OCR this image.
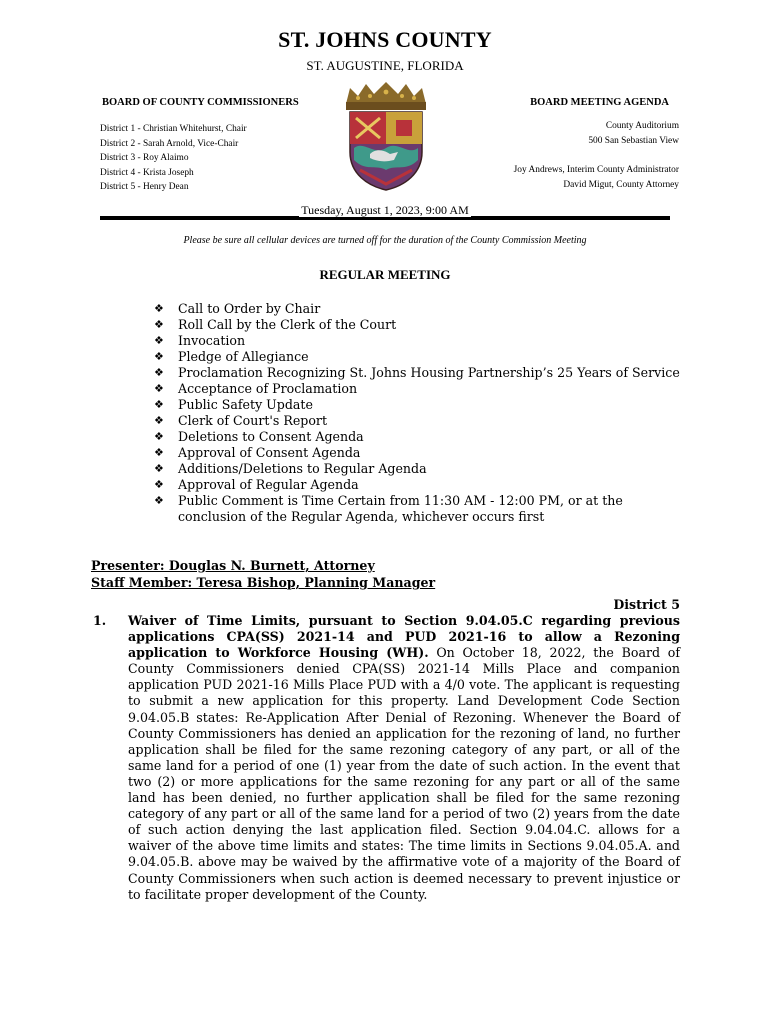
ST. JOHNS COUNTY
ST. AUGUSTINE, FLORIDA
BOARD OF COUNTY COMMISSIONERS	BOARD MEETING AGENDA
District 1 - Christian Whitehurst, Chair
District 2 - Sarah Arnold, Vice-Chair
District 3 - Roy Alaimo
District 4 - Krista Joseph
District 5 - Henry Dean
County Auditorium
500 San Sebastian View
Joy Andrews, Interim County Administrator
David Migut, County Attorney
Tuesday, August 1, 2023, 9:00 AM
Please be sure all cellular devices are turned off for the duration of the County Commission Meeting
REGULAR MEETING
❖ Call to Order by Chair
❖ Roll Call by the Clerk of the Court
❖ Invocation
❖ Pledge of Allegiance
❖ Proclamation Recognizing St. Johns Housing Partnership’s 25 Years of Service
❖ Acceptance of Proclamation
❖ Public Safety Update
❖ Clerk of Court's Report
❖ Deletions to Consent Agenda
❖ Approval of Consent Agenda
❖ Additions/Deletions to Regular Agenda
❖ Approval of Regular Agenda
❖ Public Comment is Time Certain from 11:30 AM - 12:00 PM, or at the conclusion of the Regular Agenda, whichever occurs first
Presenter: Douglas N. Burnett, Attorney
Staff Member: Teresa Bishop, Planning Manager
District 5
1. Waiver of Time Limits, pursuant to Section 9.04.05.C regarding previous applications CPA(SS) 2021-14 and PUD 2021-16 to allow a Rezoning application to Workforce Housing (WH). On October 18, 2022, the Board of County Commissioners denied CPA(SS) 2021-14 Mills Place and companion application PUD 2021-16 Mills Place PUD with a 4/0 vote. The applicant is requesting to submit a new application for this property. Land Development Code Section 9.04.05.B states: Re-Application After Denial of Rezoning. Whenever the Board of County Commissioners has denied an application for the rezoning of land, no further application shall be filed for the same rezoning category of any part, or all of the same land for a period of one (1) year from the date of such action. In the event that two (2) or more applications for the same rezoning for any part or all of the same land has been denied, no further application shall be filed for the same rezoning category of any part or all of the same land for a period of two (2) years from the date of such action denying the last application filed. Section 9.04.04.C. allows for a waiver of the above time limits and states: The time limits in Sections 9.04.05.A. and 9.04.05.B. above may be waived by the affirmative vote of a majority of the Board of County Commissioners when such action is deemed necessary to prevent injustice or to facilitate proper development of the County.
